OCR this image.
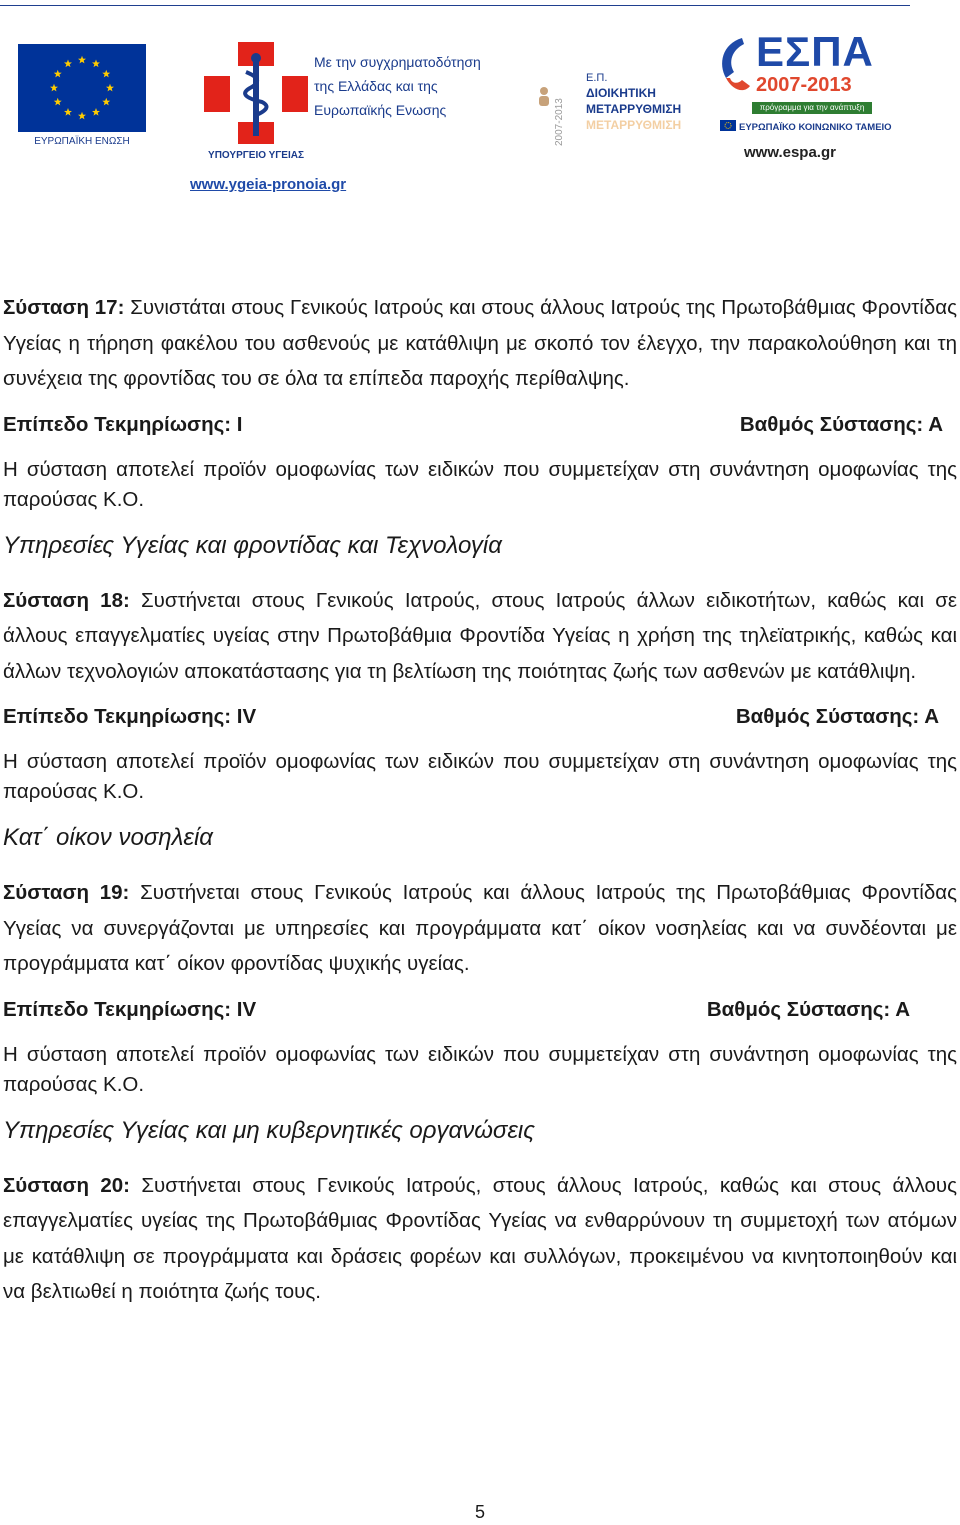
ΕΥΡΩΠΑΪΚΗ ΕΝΩΣΗ
ΥΠΟΥΡΓΕΙΟ ΥΓΕΙΑΣ
Με την συγχρηματοδότηση
της Ελλάδας και της
Ευρωπαϊκής Ενωσης
www.ygeia-pronoia.gr
2007-2013
Ε.Π.
ΔΙΟΙΚΗΤΙΚΗ
ΜΕΤΑΡΡΥΘΜΙΣΗ
ΜΕΤΑΡΡΥΘΜΙΣΗ
ΕΣΠΑ
2007-2013
πρόγραμμα για την ανάπτυξη
ΕΥΡΩΠΑΪΚΟ ΚΟΙΝΩΝΙΚΟ ΤΑΜΕΙΟ
www.espa.gr

Σύσταση 17: Συνιστάται στους Γενικούς Ιατρούς και στους άλλους Ιατρούς της Πρωτοβάθμιας Φροντίδας Υγείας η τήρηση φακέλου του ασθενούς με κατάθλιψη με σκοπό τον έλεγχο, την παρακολούθηση και τη συνέχεια της φροντίδας του σε όλα τα επίπεδα παροχής περίθαλψης.

Επίπεδο Τεκμηρίωσης: Ι	Βαθμός Σύστασης: Α

Η σύσταση αποτελεί προϊόν ομοφωνίας των ειδικών που συμμετείχαν στη συνάντηση ομοφωνίας της παρούσας Κ.Ο.

Υπηρεσίες Υγείας και φροντίδας και Τεχνολογία

Σύσταση 18: Συστήνεται στους Γενικούς Ιατρούς, στους Ιατρούς άλλων ειδικοτήτων, καθώς και σε άλλους επαγγελματίες υγείας στην Πρωτοβάθμια Φροντίδα Υγείας η χρήση της τηλεϊατρικής, καθώς και άλλων τεχνολογιών αποκατάστασης για τη βελτίωση της ποιότητας ζωής των ασθενών με κατάθλιψη.

Επίπεδο Τεκμηρίωσης: IV	Βαθμός Σύστασης: Α

Η σύσταση αποτελεί προϊόν ομοφωνίας των ειδικών που συμμετείχαν στη συνάντηση ομοφωνίας της παρούσας Κ.Ο.

Κατ΄ οίκον νοσηλεία

Σύσταση 19: Συστήνεται στους Γενικούς Ιατρούς και άλλους Ιατρούς της Πρωτοβάθμιας Φροντίδας Υγείας να συνεργάζονται με υπηρεσίες και προγράμματα κατ΄ οίκον νοσηλείας και να συνδέονται με προγράμματα κατ΄ οίκον φροντίδας ψυχικής υγείας.

Επίπεδο Τεκμηρίωσης: IV	Βαθμός Σύστασης: Α

Η σύσταση αποτελεί προϊόν ομοφωνίας των ειδικών που συμμετείχαν στη συνάντηση ομοφωνίας της παρούσας Κ.Ο.

Υπηρεσίες Υγείας και μη κυβερνητικές οργανώσεις

Σύσταση 20: Συστήνεται στους Γενικούς Ιατρούς, στους άλλους Ιατρούς, καθώς και στους άλλους επαγγελματίες υγείας της Πρωτοβάθμιας Φροντίδας Υγείας να ενθαρρύνουν τη συμμετοχή των ατόμων με κατάθλιψη σε προγράμματα και δράσεις φορέων και συλλόγων, προκειμένου να κινητοποιηθούν και να βελτιωθεί η ποιότητα ζωής τους.

5
